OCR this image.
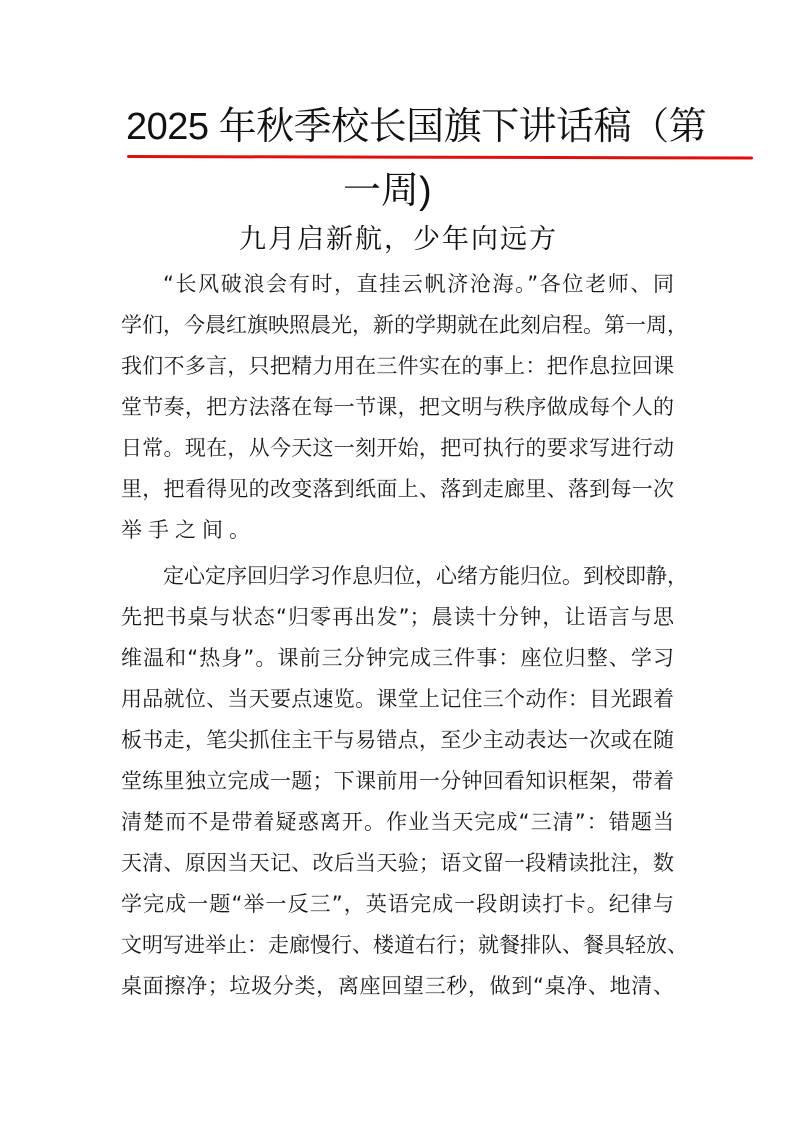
2025 年秋季校长国旗下讲话稿（第
一周)
九月启新航，少年向远方
“长风破浪会有时，直挂云帆济沧海。”各位老师、同
学们，今晨红旗映照晨光，新的学期就在此刻启程。第一周，
我们不多言，只把精力用在三件实在的事上：把作息拉回课
堂节奏，把方法落在每一节课，把文明与秩序做成每个人的
日常。现在，从今天这一刻开始，把可执行的要求写进行动
里，把看得见的改变落到纸面上、落到走廊里、落到每一次
举手之间。
定心定序回归学习作息归位，心绪方能归位。到校即静，
先把书桌与状态“归零再出发”；晨读十分钟，让语言与思
维温和“热身”。课前三分钟完成三件事：座位归整、学习
用品就位、当天要点速览。课堂上记住三个动作：目光跟着
板书走，笔尖抓住主干与易错点，至少主动表达一次或在随
堂练里独立完成一题；下课前用一分钟回看知识框架，带着
清楚而不是带着疑惑离开。作业当天完成“三清”：错题当
天清、原因当天记、改后当天验；语文留一段精读批注，数
学完成一题“举一反三”，英语完成一段朗读打卡。纪律与
文明写进举止：走廊慢行、楼道右行；就餐排队、餐具轻放、
桌面擦净；垃圾分类，离座回望三秒，做到“桌净、地清、
